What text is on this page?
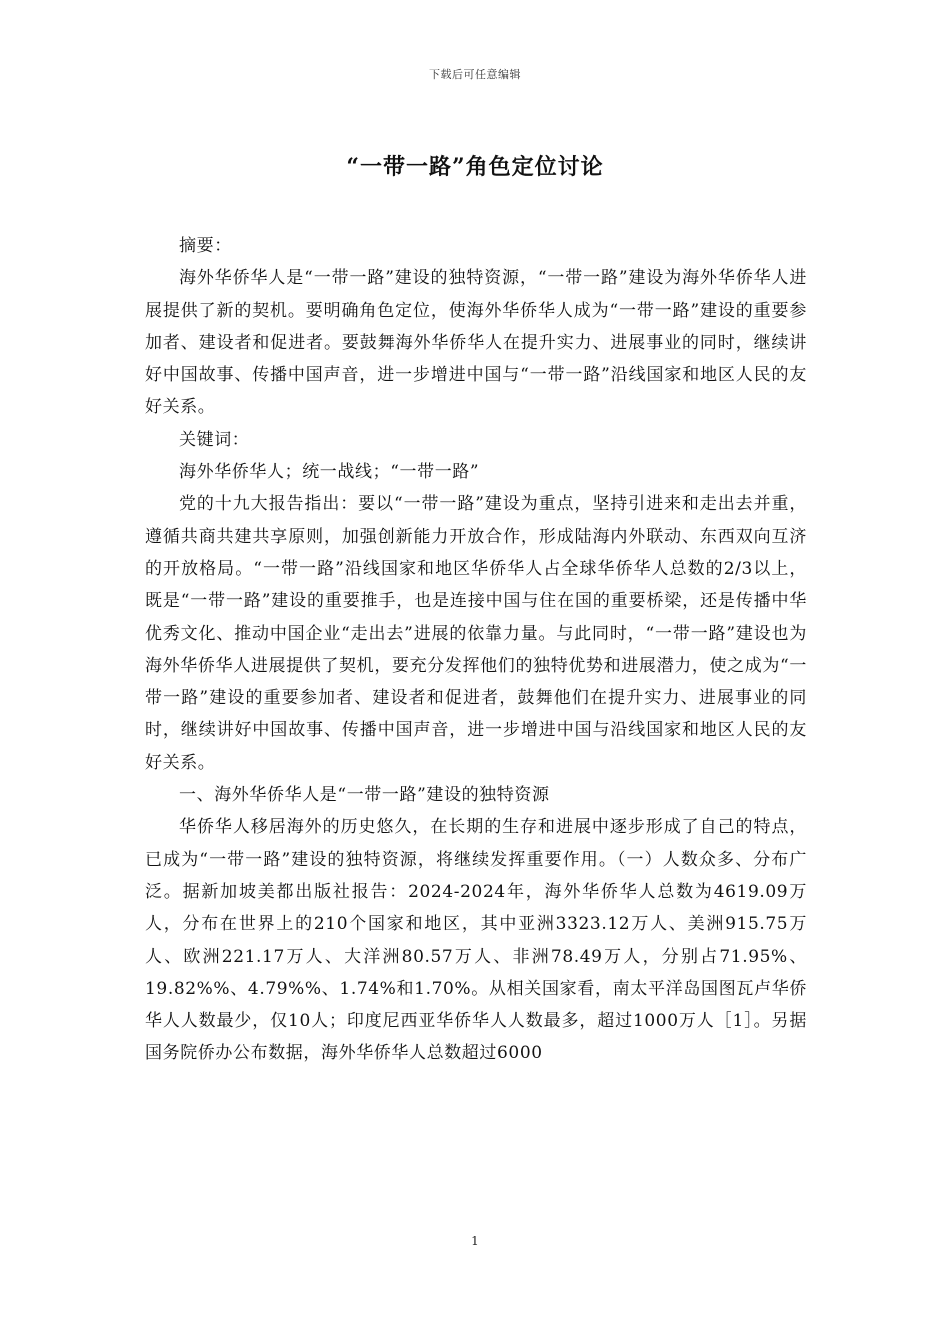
下载后可任意编辑
“一带一路”角色定位讨论

摘要：

海外华侨华人是“一带一路”建设的独特资源，“一带一路”建设为海外华侨华人进展提供了新的契机。要明确角色定位，使海外华侨华人成为“一带一路”建设的重要参加者、建设者和促进者。要鼓舞海外华侨华人在提升实力、进展事业的同时，继续讲好中国故事、传播中国声音，进一步增进中国与“一带一路”沿线国家和地区人民的友好关系。

关键词：

海外华侨华人；统一战线；“一带一路”

党的十九大报告指出：要以“一带一路”建设为重点，坚持引进来和走出去并重，遵循共商共建共享原则，加强创新能力开放合作，形成陆海内外联动、东西双向互济的开放格局。“一带一路”沿线国家和地区华侨华人占全球华侨华人总数的2/3以上，既是“一带一路”建设的重要推手，也是连接中国与住在国的重要桥梁，还是传播中华优秀文化、推动中国企业“走出去”进展的依靠力量。与此同时，“一带一路”建设也为海外华侨华人进展提供了契机，要充分发挥他们的独特优势和进展潜力，使之成为“一带一路”建设的重要参加者、建设者和促进者，鼓舞他们在提升实力、进展事业的同时，继续讲好中国故事、传播中国声音，进一步增进中国与沿线国家和地区人民的友好关系。

一、海外华侨华人是“一带一路”建设的独特资源

华侨华人移居海外的历史悠久，在长期的生存和进展中逐步形成了自己的特点，已成为“一带一路”建设的独特资源，将继续发挥重要作用。（一）人数众多、分布广泛。据新加坡美都出版社报告：2024-2024年，海外华侨华人总数为4619.09万人，分布在世界上的210个国家和地区，其中亚洲3323.12万人、美洲915.75万人、欧洲221.17万人、大洋洲80.57万人、非洲78.49万人，分别占71.95%、19.82%%、4.79%%、1.74%和1.70%。从相关国家看，南太平洋岛国图瓦卢华侨华人人数最少，仅10人；印度尼西亚华侨华人人数最多，超过1000万人［1］。另据国务院侨办公布数据，海外华侨华人总数超过6000

1
